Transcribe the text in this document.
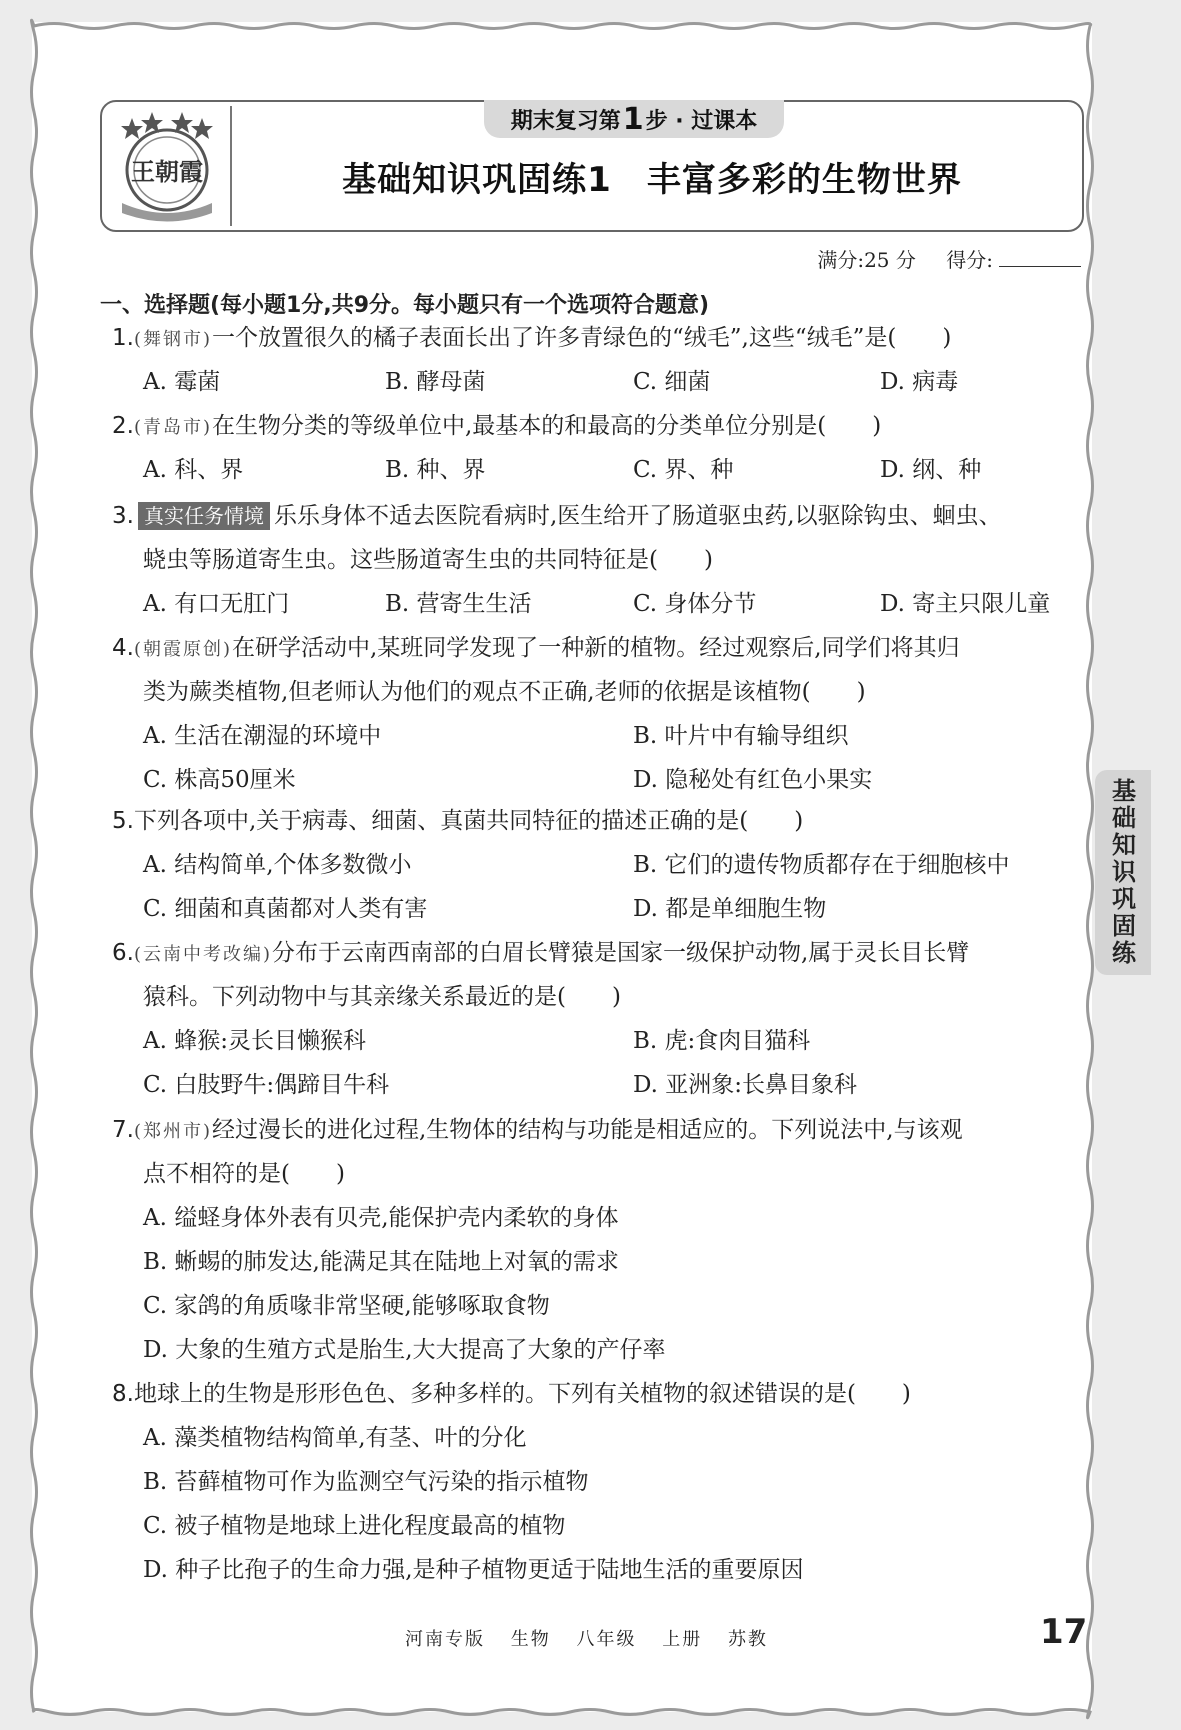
王朝霞
期末复习第 1 步 · 过课本
基础知识巩固练1　丰富多彩的生物世界
满分:25 分 得分:
一、选择题(每小题1分,共9分。每小题只有一个选项符合题意)
1.(舞钢市)一个放置很久的橘子表面长出了许多青绿色的“绒毛”,这些“绒毛”是(　　)
A. 霉菌	B. 酵母菌	C. 细菌	D. 病毒
2.(青岛市)在生物分类的等级单位中,最基本的和最高的分类单位分别是(　　)
A. 科、界	B. 种、界	C. 界、种	D. 纲、种
3. 真实任务情境 乐乐身体不适去医院看病时,医生给开了肠道驱虫药,以驱除钩虫、蛔虫、
蛲虫等肠道寄生虫。这些肠道寄生虫的共同特征是(　　)
A. 有口无肛门	B. 营寄生生活	C. 身体分节	D. 寄主只限儿童
4.(朝霞原创)在研学活动中,某班同学发现了一种新的植物。经过观察后,同学们将其归
类为蕨类植物,但老师认为他们的观点不正确,老师的依据是该植物(　　)
A. 生活在潮湿的环境中	B. 叶片中有输导组织
C. 株高50厘米	D. 隐秘处有红色小果实
5.下列各项中,关于病毒、细菌、真菌共同特征的描述正确的是(　　)
A. 结构简单,个体多数微小	B. 它们的遗传物质都存在于细胞核中
C. 细菌和真菌都对人类有害	D. 都是单细胞生物
6.(云南中考改编)分布于云南西南部的白眉长臂猿是国家一级保护动物,属于灵长目长臂
猿科。下列动物中与其亲缘关系最近的是(　　)
A. 蜂猴:灵长目懒猴科	B. 虎:食肉目猫科
C. 白肢野牛:偶蹄目牛科	D. 亚洲象:长鼻目象科
7.(郑州市)经过漫长的进化过程,生物体的结构与功能是相适应的。下列说法中,与该观
点不相符的是(　　)
A. 缢蛏身体外表有贝壳,能保护壳内柔软的身体
B. 蜥蜴的肺发达,能满足其在陆地上对氧的需求
C. 家鸽的角质喙非常坚硬,能够啄取食物
D. 大象的生殖方式是胎生,大大提高了大象的产仔率
8.地球上的生物是形形色色、多种多样的。下列有关植物的叙述错误的是(　　)
A. 藻类植物结构简单,有茎、叶的分化
B. 苔藓植物可作为监测空气污染的指示植物
C. 被子植物是地球上进化程度最高的植物
D. 种子比孢子的生命力强,是种子植物更适于陆地生活的重要原因
基础知识巩固练
河南专版 生物 八年级 上册 苏教	17
